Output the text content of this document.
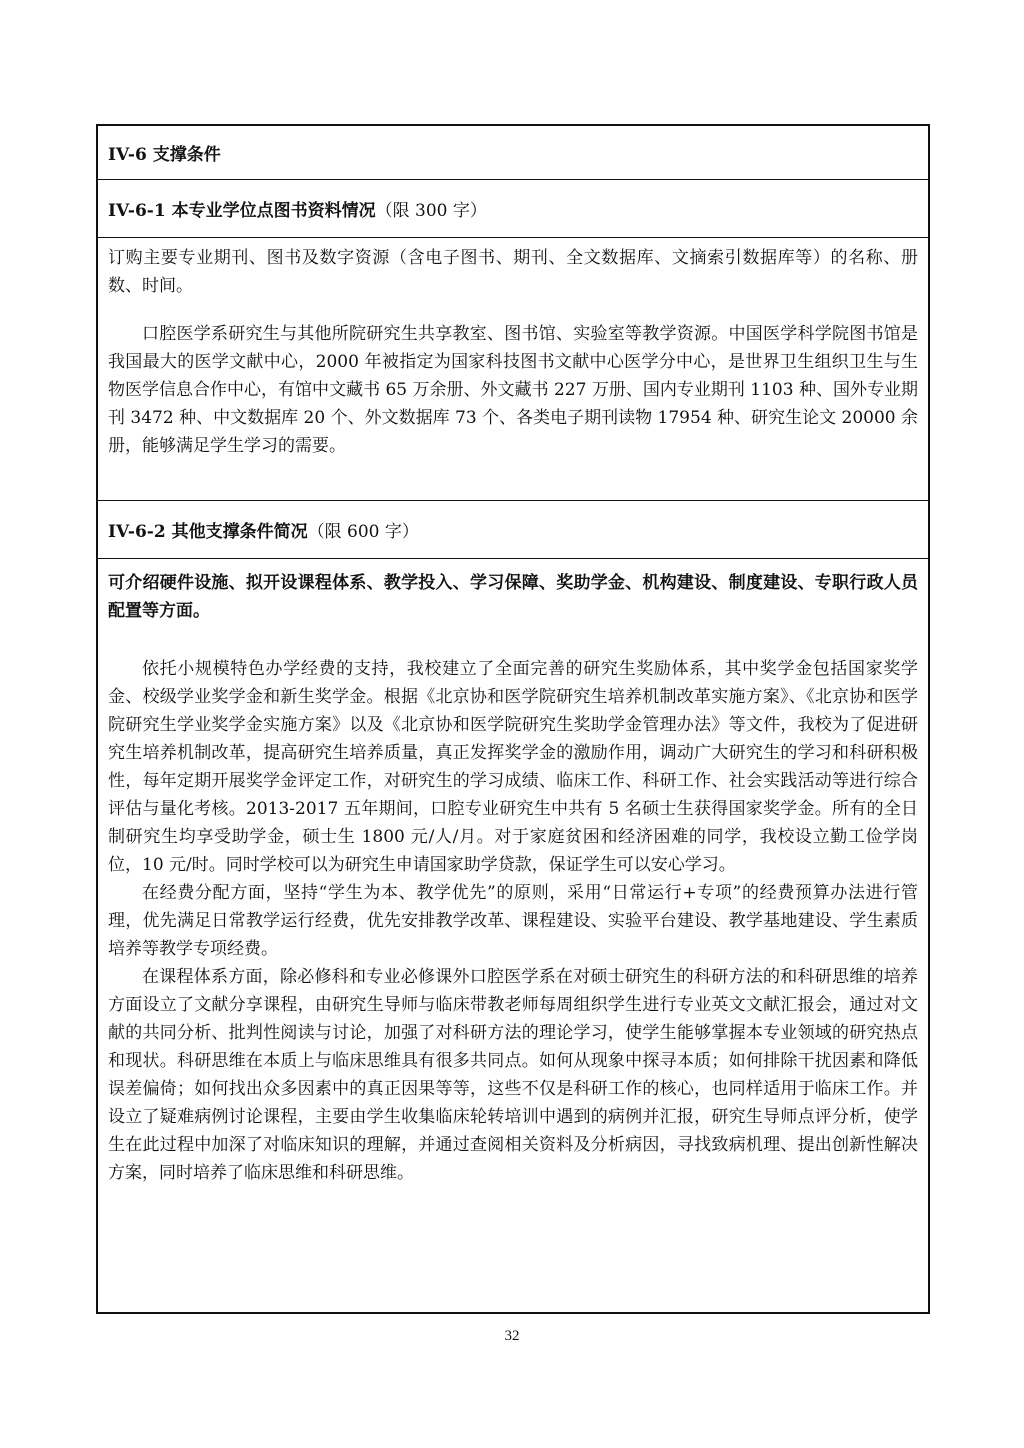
IV-6 支撑条件
IV-6-1 本专业学位点图书资料情况 （限 300 字）

订购主要专业期刊、图书及数字资源（含电子图书、期刊、全文数据库、文摘索引数据库等）的名称、册数、时间。

口腔医学系研究生与其他所院研究生共享教室、图书馆、实验室等教学资源。中国医学科学院图书馆是我国最大的医学文献中心，2000 年被指定为国家科技图书文献中心医学分中心，是世界卫生组织卫生与生物医学信息合作中心，有馆中文藏书 65 万余册、外文藏书 227 万册、国内专业期刊 1103 种、国外专业期刊 3472 种、中文数据库 20 个、外文数据库 73 个、各类电子期刊读物 17954 种、研究生论文 20000 余册，能够满足学生学习的需要。

IV-6-2 其他支撑条件简况 （限 600 字）

可介绍硬件设施、拟开设课程体系、教学投入、学习保障、奖助学金、机构建设、制度建设、专职行政人员配置等方面。

依托小规模特色办学经费的支持，我校建立了全面完善的研究生奖励体系，其中奖学金包括国家奖学金、校级学业奖学金和新生奖学金。根据《北京协和医学院研究生培养机制改革实施方案》、《北京协和医学院研究生学业奖学金实施方案》以及《北京协和医学院研究生奖助学金管理办法》等文件，我校为了促进研究生培养机制改革，提高研究生培养质量，真正发挥奖学金的激励作用，调动广大研究生的学习和科研积极性，每年定期开展奖学金评定工作，对研究生的学习成绩、临床工作、科研工作、社会实践活动等进行综合评估与量化考核。2013-2017 五年期间，口腔专业研究生中共有 5 名硕士生获得国家奖学金。所有的全日制研究生均享受助学金，硕士生 1800 元/人/月。对于家庭贫困和经济困难的同学，我校设立勤工俭学岗位，10 元/时。同时学校可以为研究生申请国家助学贷款，保证学生可以安心学习。

在经费分配方面，坚持“学生为本、教学优先”的原则，采用“日常运行+专项”的经费预算办法进行管理，优先满足日常教学运行经费，优先安排教学改革、课程建设、实验平台建设、教学基地建设、学生素质培养等教学专项经费。

在课程体系方面，除必修科和专业必修课外口腔医学系在对硕士研究生的科研方法的和科研思维的培养方面设立了文献分享课程，由研究生导师与临床带教老师每周组织学生进行专业英文文献汇报会，通过对文献的共同分析、批判性阅读与讨论，加强了对科研方法的理论学习，使学生能够掌握本专业领域的研究热点和现状。科研思维在本质上与临床思维具有很多共同点。如何从现象中探寻本质；如何排除干扰因素和降低误差偏倚；如何找出众多因素中的真正因果等等，这些不仅是科研工作的核心，也同样适用于临床工作。并设立了疑难病例讨论课程，主要由学生收集临床轮转培训中遇到的病例并汇报，研究生导师点评分析，使学生在此过程中加深了对临床知识的理解，并通过查阅相关资料及分析病因，寻找致病机理、提出创新性解决方案，同时培养了临床思维和科研思维。

32
